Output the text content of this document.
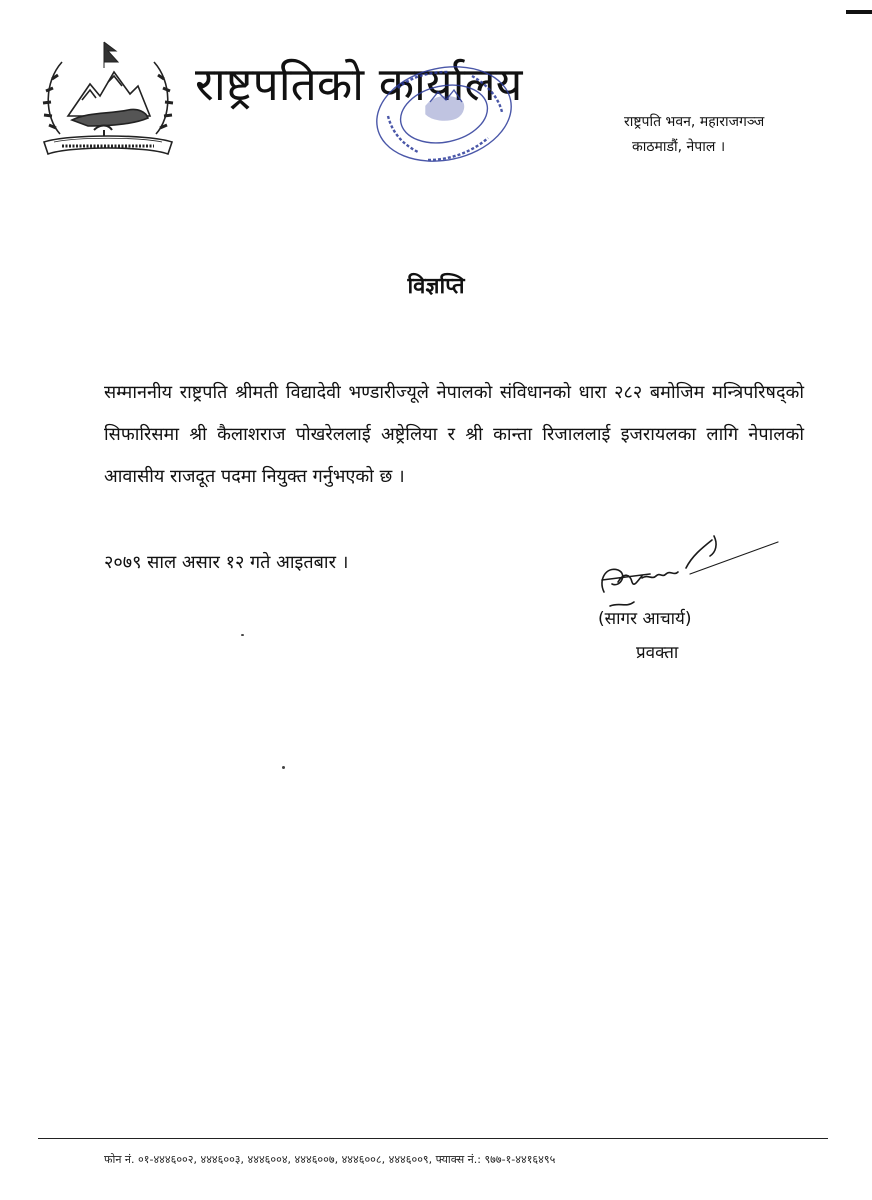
राष्ट्रपतिको कार्यालय
राष्ट्रपति भवन, महाराजगञ्ज
काठमाडौं, नेपाल ।
विज्ञप्ति
सम्माननीय राष्ट्रपति श्रीमती विद्यादेवी भण्डारीज्यूले नेपालको संविधानको धारा २८२ बमोजिम मन्त्रिपरिषद्को सिफारिसमा श्री कैलाशराज पोखरेललाई अष्ट्रेलिया र श्री कान्ता रिजाललाई इजरायलका लागि नेपालको आवासीय राजदूत पदमा नियुक्त गर्नुभएको छ ।
२०७९ साल असार १२ गते आइतबार ।
(सागर आचार्य)
प्रवक्ता
फोन नं. ०१-४४४६००२, ४४४६००३, ४४४६००४, ४४४६००७, ४४४६००८, ४४४६००९, फ्याक्स नं.: ९७७-१-४४१६४९५
